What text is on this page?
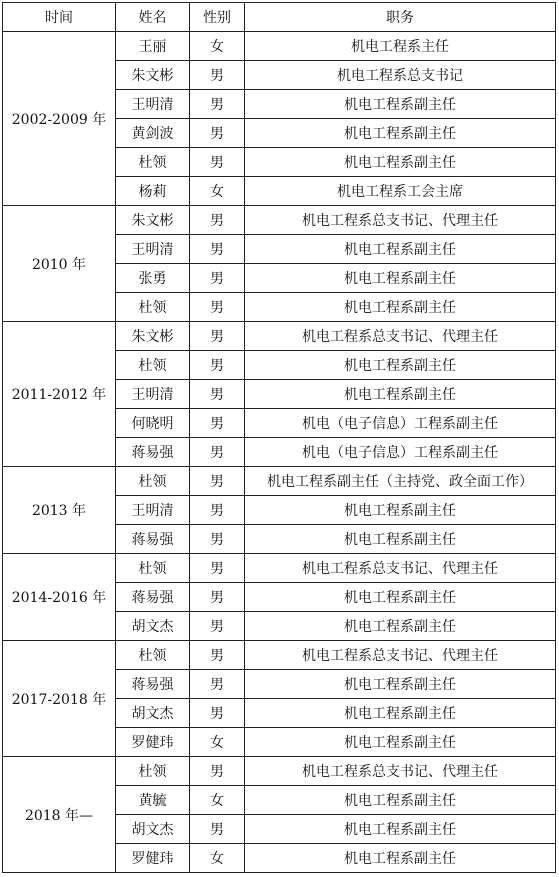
时间	姓名	性别	职务
2002-2009 年	王丽	女	机电工程系主任
	朱文彬	男	机电工程系总支书记
	王明清	男	机电工程系副主任
	黄剑波	男	机电工程系副主任
	杜领	男	机电工程系副主任
	杨莉	女	机电工程系工会主席
2010 年	朱文彬	男	机电工程系总支书记、代理主任
	王明清	男	机电工程系副主任
	张勇	男	机电工程系副主任
	杜领	男	机电工程系副主任
2011-2012 年	朱文彬	男	机电工程系总支书记、代理主任
	杜领	男	机电工程系副主任
	王明清	男	机电工程系副主任
	何晓明	男	机电（电子信息）工程系副主任
	蒋易强	男	机电（电子信息）工程系副主任
2013 年	杜领	男	机电工程系副主任（主持党、政全面工作）
	王明清	男	机电工程系副主任
	蒋易强	男	机电工程系副主任
2014-2016 年	杜领	男	机电工程系总支书记、代理主任
	蒋易强	男	机电工程系副主任
	胡文杰	男	机电工程系副主任
2017-2018 年	杜领	男	机电工程系总支书记、代理主任
	蒋易强	男	机电工程系副主任
	胡文杰	男	机电工程系副主任
	罗健玮	女	机电工程系副主任
2018 年—	杜领	男	机电工程系总支书记、代理主任
	黄毓	女	机电工程系副主任
	胡文杰	男	机电工程系副主任
	罗健玮	女	机电工程系副主任
